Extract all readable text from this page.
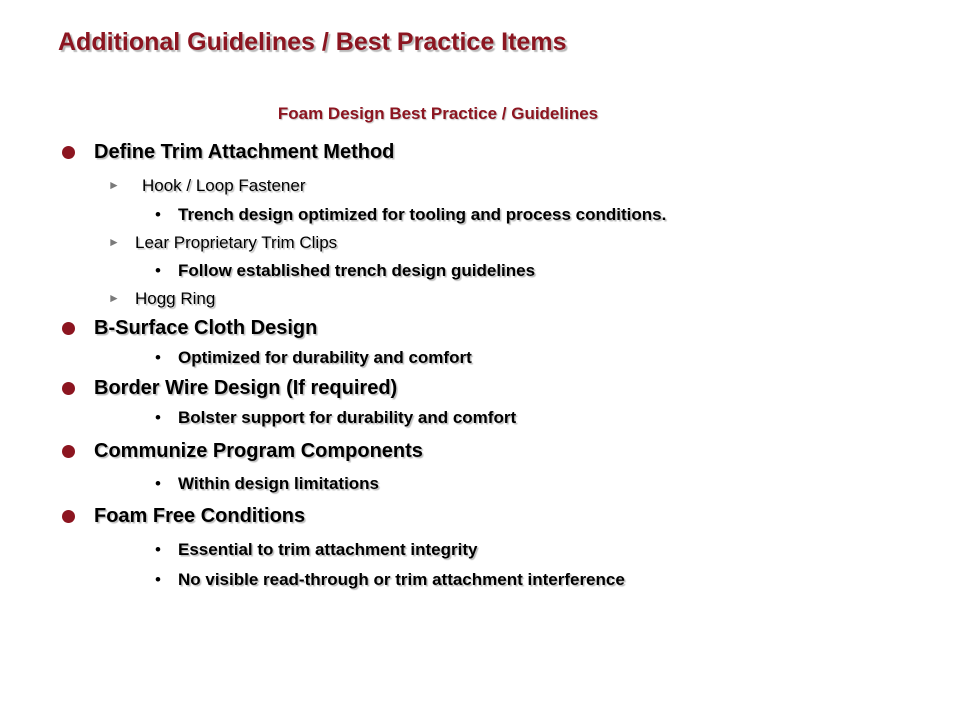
Additional Guidelines / Best Practice Items
Foam Design Best Practice / Guidelines
Define Trim Attachment Method
► Hook / Loop Fastener
• Trench design optimized for tooling and process conditions.
► Lear Proprietary Trim Clips
• Follow established trench design guidelines
► Hogg Ring
B-Surface Cloth Design
• Optimized for durability and comfort
Border Wire Design (If required)
• Bolster support for durability and comfort
Communize Program Components
• Within design limitations
Foam Free Conditions
• Essential to trim attachment integrity
• No visible read-through or trim attachment interference
